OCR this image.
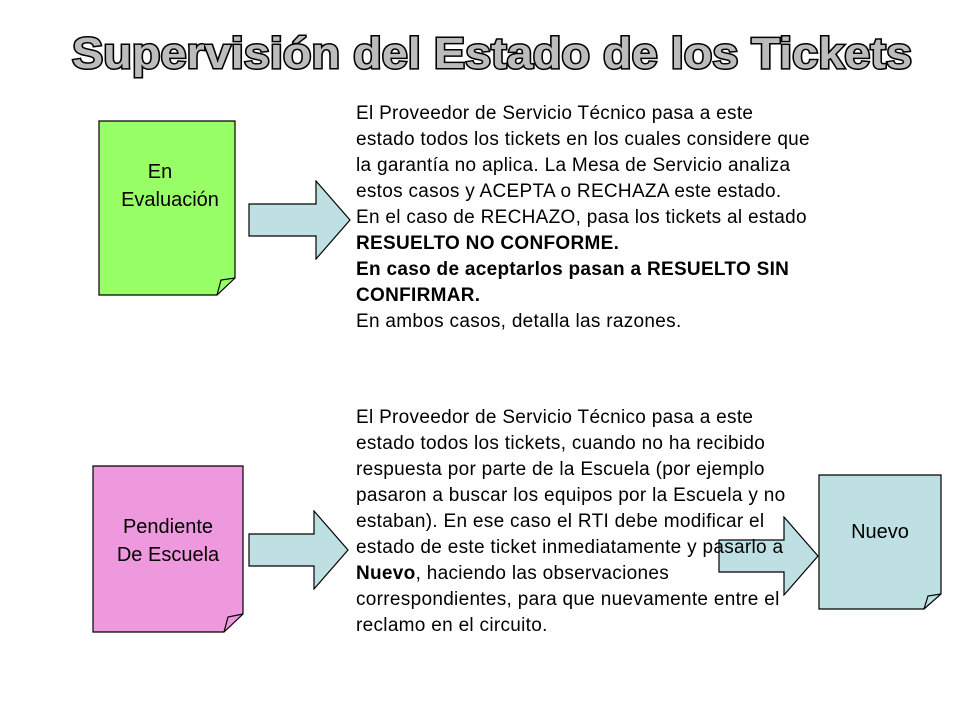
Supervisión del Estado de los Tickets
En
Evaluación

El Proveedor de Servicio Técnico pasa a este estado todos los tickets en los cuales considere que la garantía no aplica. La Mesa de Servicio analiza estos casos y ACEPTA o RECHAZA este estado.

En el caso de RECHAZO, pasa los tickets al estado RESUELTO NO CONFORME.

En caso de aceptarlos pasan a RESUELTO SIN CONFIRMAR.

En ambos casos, detalla las razones.

Pendiente
De Escuela
Nuevo

El Proveedor de Servicio Técnico pasa a este estado todos los tickets, cuando no ha recibido respuesta por parte de la Escuela (por ejemplo pasaron a buscar los equipos por la Escuela y no estaban). En ese caso el RTI debe modificar el estado de este ticket inmediatamente y pasarlo a Nuevo, haciendo las observaciones correspondientes, para que nuevamente entre el reclamo en el circuito.
